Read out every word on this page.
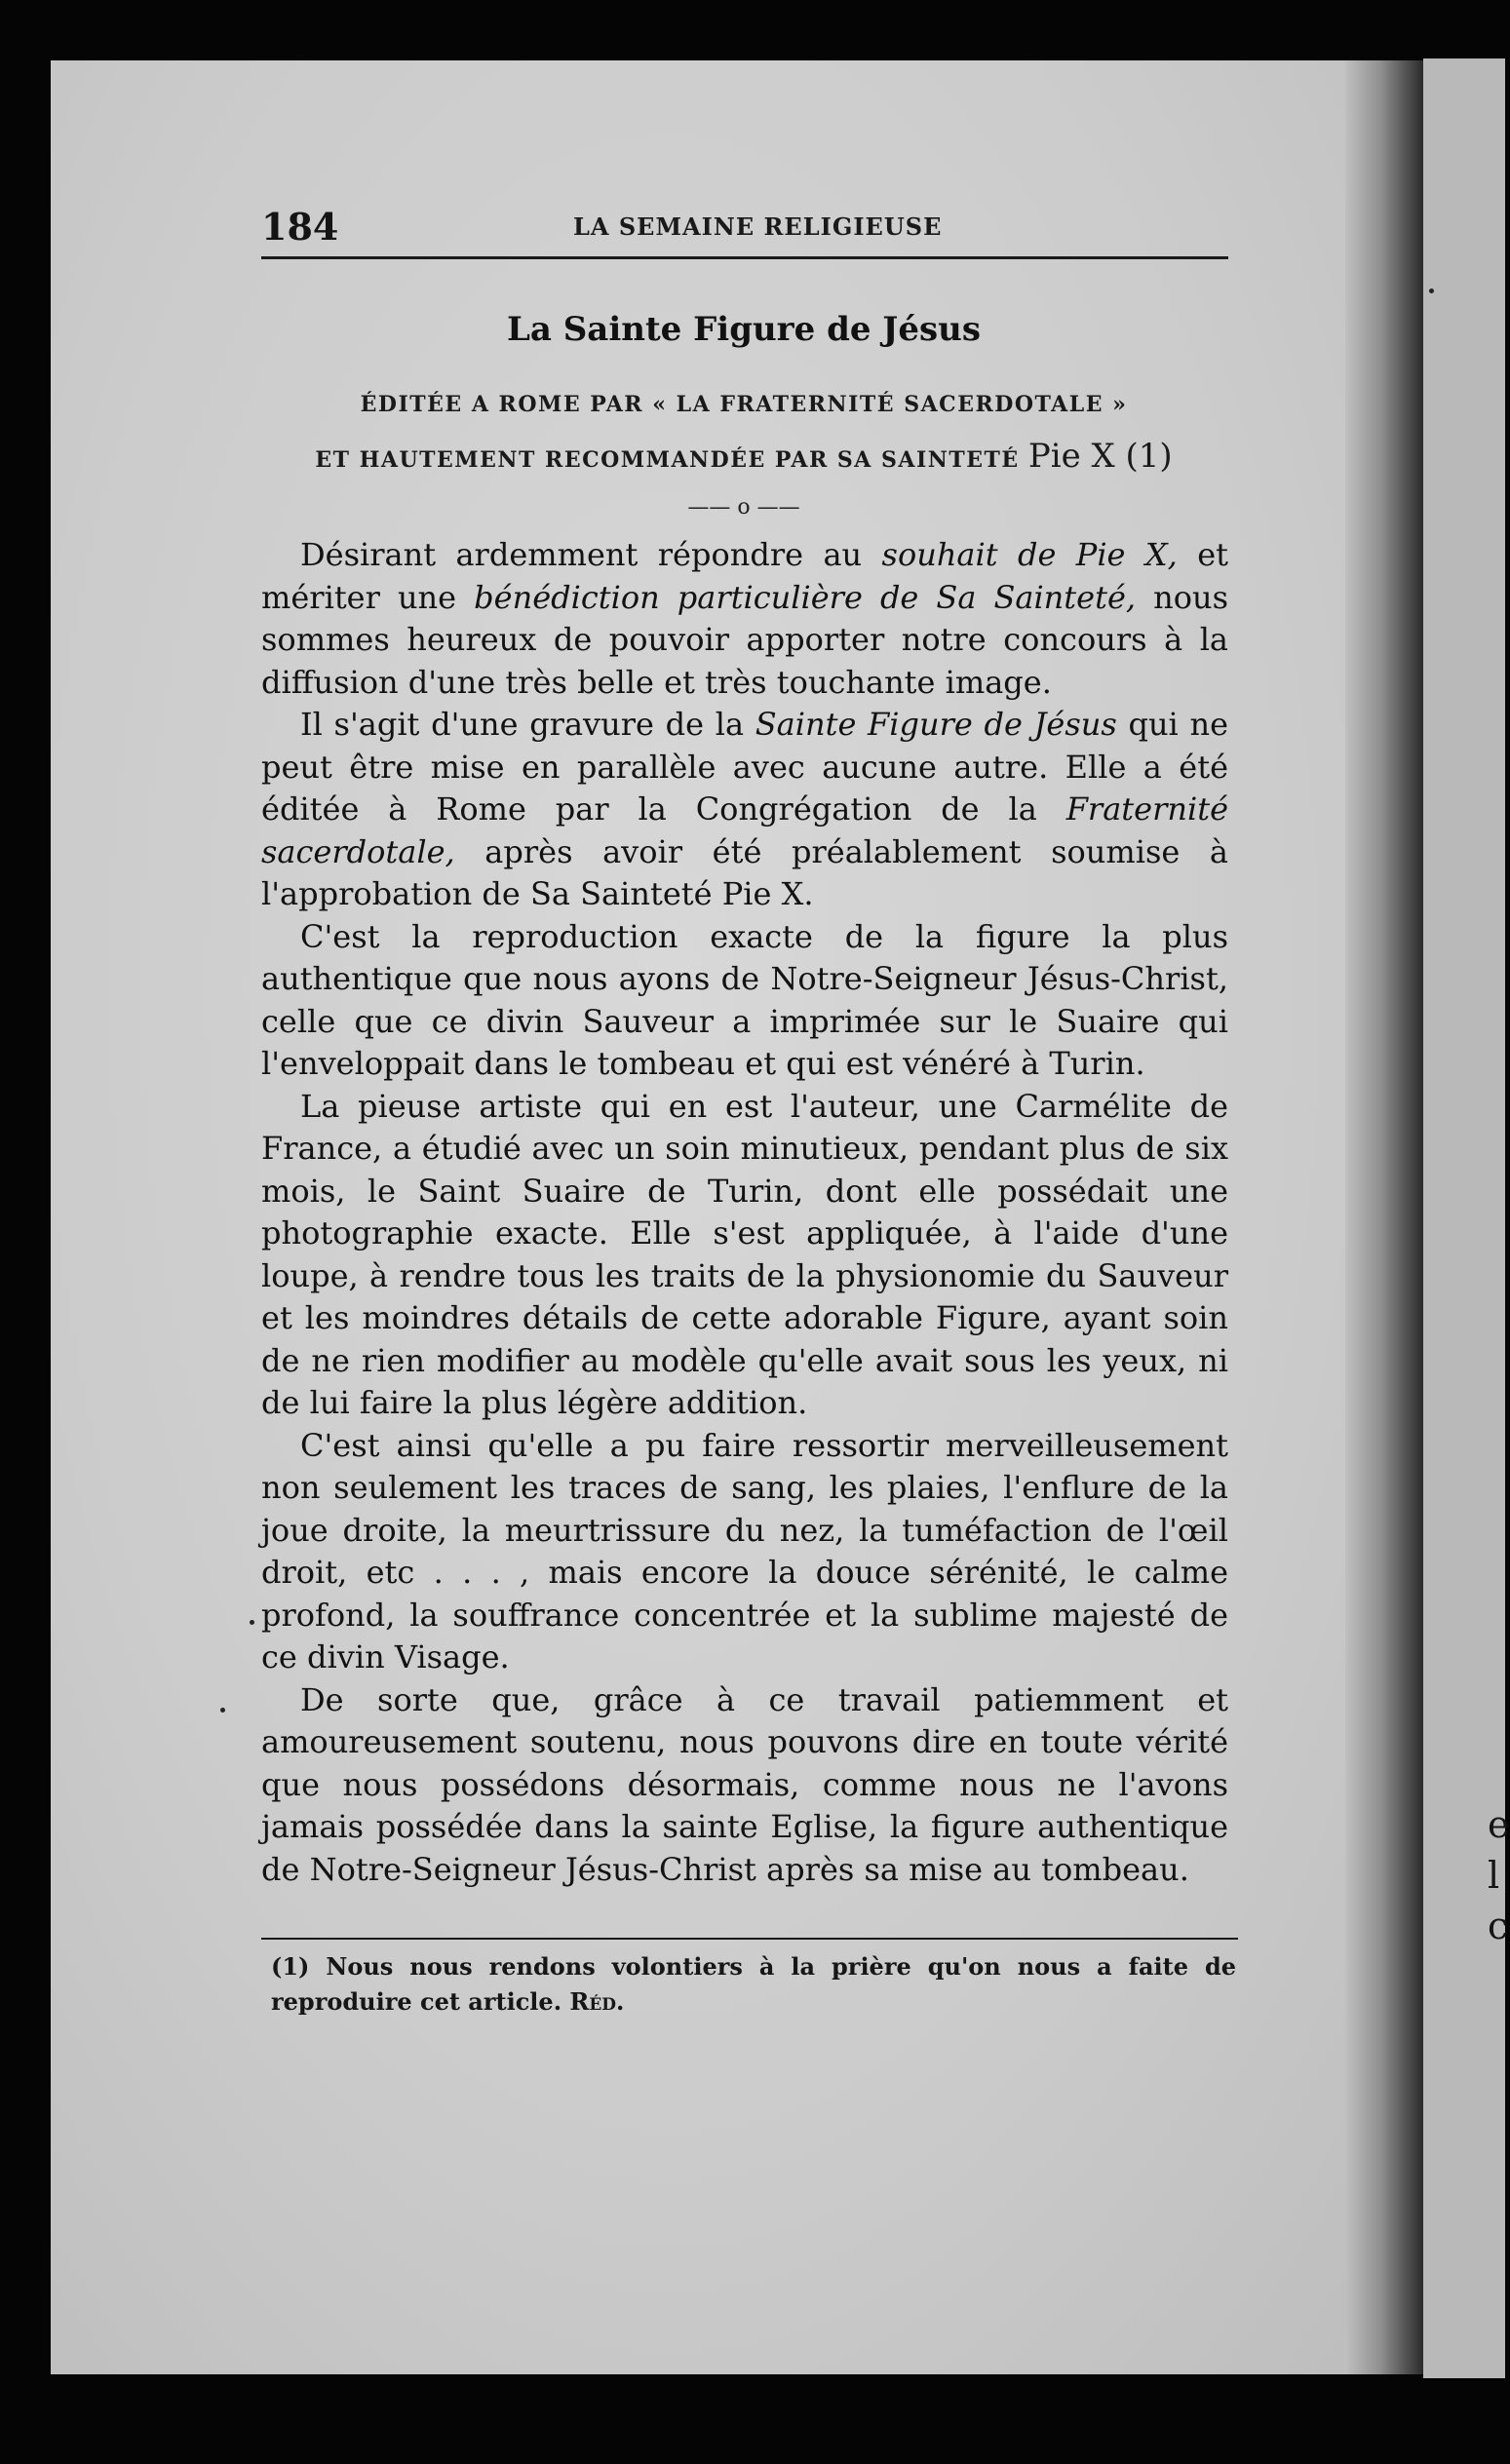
e
l
c
184	LA SEMAINE RELIGIEUSE
La Sainte Figure de Jésus
ÉDITÉE A ROME PAR « LA FRATERNITÉ SACERDOTALE »
ET HAUTEMENT RECOMMANDÉE PAR SA SAINTETÉ Pie X (1)
—— o ——

Désirant ardemment répondre au souhait de Pie X, et mériter une bénédiction particulière de Sa Sainteté, nous sommes heureux de pouvoir apporter notre concours à la diffusion d'une très belle et très touchante image.

Il s'agit d'une gravure de la Sainte Figure de Jésus qui ne peut être mise en parallèle avec aucune autre. Elle a été éditée à Rome par la Congrégation de la Fraternité sacerdotale, après avoir été préalablement soumise à l'approbation de Sa Sainteté Pie X.

C'est la reproduction exacte de la figure la plus authentique que nous ayons de Notre-Seigneur Jésus-Christ, celle que ce divin Sauveur a imprimée sur le Suaire qui l'enveloppait dans le tombeau et qui est vénéré à Turin.

La pieuse artiste qui en est l'auteur, une Carmélite de France, a étudié avec un soin minutieux, pendant plus de six mois, le Saint Suaire de Turin, dont elle possédait une photographie exacte. Elle s'est appliquée, à l'aide d'une loupe, à rendre tous les traits de la physionomie du Sauveur et les moindres détails de cette adorable Figure, ayant soin de ne rien modifier au modèle qu'elle avait sous les yeux, ni de lui faire la plus légère addition.

C'est ainsi qu'elle a pu faire ressortir merveilleusement non seulement les traces de sang, les plaies, l'enflure de la joue droite, la meurtrissure du nez, la tuméfaction de l'œil droit, etc . . . , mais encore la douce sérénité, le calme profond, la souffrance concentrée et la sublime majesté de ce divin Visage.

De sorte que, grâce à ce travail patiemment et amoureusement soutenu, nous pouvons dire en toute vérité que nous possédons désormais, comme nous ne l'avons jamais possédée dans la sainte Eglise, la figure authentique de Notre-Seigneur Jésus-Christ après sa mise au tombeau.

(1) Nous nous rendons volontiers à la prière qu'on nous a faite de reproduire cet article. Réd.
